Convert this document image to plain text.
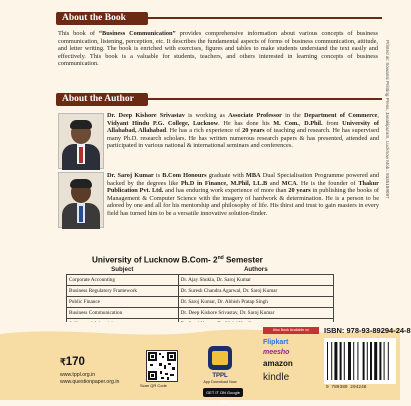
About the Book
This book of “Business Communication” provides comprehensive information about various concepts of business communication, listening, perception, etc. It describes the fundamental aspects of forms of business communication, attitude, and letter writing. The book is enriched with exercises, figures and tables to make students understand the text easily and effectively. This book is a valuable for students, teachers, and others interested in learning concepts of business communication.
About the Author
Dr. Deep Kishore Srivastav is working as Associate Professor in the Department of Commerce, Vidyant Hindu P.G. College, Lucknow. He has done his M. Com., D.Phil. from University of Allahabad, Allahabad. He has a rich experience of 20 years of teaching and research. He has supervised many Ph.D. research scholars. He has written numerous research papers & has presented, attended and participated in various national & international seminars and conferences.
Dr. Saroj Kumar is B.Com Honours graduate with MBA Dual Specialisation Programme powered and backed by the degrees like Ph.D in Finance, M.Phil, LL.B and MCA. He is the founder of Thakur Publication Pvt. Ltd. and has enduring work experience of more than 20 years in publishing the books of Management & Computer Science with the imagery of hardwork & determination. He is a person to be adored by one and all for his mentorship and philosophy of life. His thirst and trust to gain masters in every field has turned him to be a versatile innovative solution-finder.
University of Lucknow B.Com- 2nd Semester
Subject	Authors
Corporate Accounting	Dr. Ajay Shukla, Dr. Saroj Kumar
Business Regulatory Framework	Dr. Suresh Chandra Agarwal, Dr. Saroj Kumar
Public Finance	Dr. Saroj Kumar, Dr. Abhish Pratap Singh
Business Communication	Dr. Deep Kishore Srivastav, Dr. Saroj Kumar

₹170
www.tppl.org.in
www.questionpaper.org.in
Scan QR Code
TPPL
App Download Now
GET IT ON Google Play
Also Book Available on
Flipkart
meesho
amazon
kindle
ISBN: 978-93-89294-24-8
9 789389 294248
Printed at: Sowansi Printing Press, Janakipuram, Lucknow Mob.: 9335189097
